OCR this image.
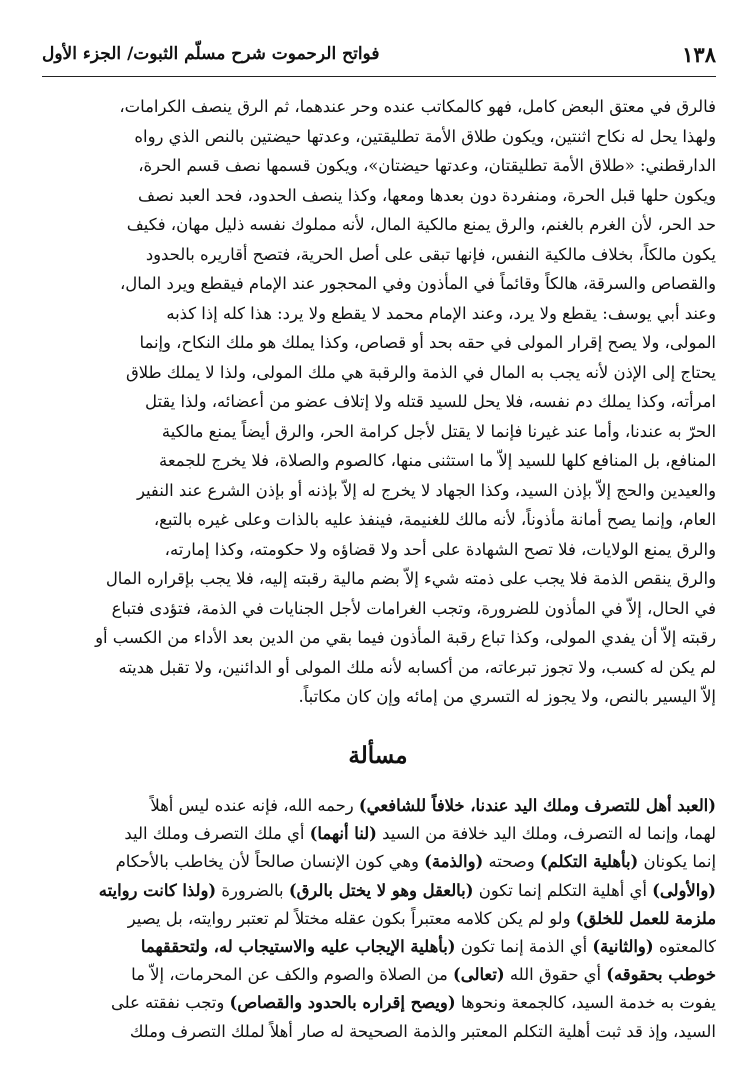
١٣٨
فواتح الرحموت شرح مسلّم الثبوت/ الجزء الأول
فالرق في معتق البعض كامل، فهو كالمكاتب عنده وحر عندهما، ثم الرق ينصف الكرامات،
ولهذا يحل له نكاح اثنتين، ويكون طلاق الأمة تطليقتين، وعدتها حيضتين بالنص الذي رواه
الدارقطني: «طلاق الأمة تطليقتان، وعدتها حيضتان»، ويكون قسمها نصف قسم الحرة،
ويكون حلها قبل الحرة، ومنفردة دون بعدها ومعها، وكذا ينصف الحدود، فحد العبد نصف
حد الحر، لأن الغرم بالغنم، والرق يمنع مالكية المال، لأنه مملوك نفسه ذليل مهان، فكيف
يكون مالكاً، بخلاف مالكية النفس، فإنها تبقى على أصل الحرية، فتصح أقاريره بالحدود
والقصاص والسرقة، هالكاً وقائماً في المأذون وفي المحجور عند الإمام فيقطع ويرد المال،
وعند أبي يوسف: يقطع ولا يرد، وعند الإمام محمد لا يقطع ولا يرد: هذا كله إذا كذبه
المولى، ولا يصح إقرار المولى في حقه بحد أو قصاص، وكذا يملك هو ملك النكاح، وإنما
يحتاج إلى الإذن لأنه يجب به المال في الذمة والرقبة هي ملك المولى، ولذا لا يملك طلاق
امرأته، وكذا يملك دم نفسه، فلا يحل للسيد قتله ولا إتلاف عضو من أعضائه، ولذا يقتل
الحرّ به عندنا، وأما عند غيرنا فإنما لا يقتل لأجل كرامة الحر، والرق أيضاً يمنع مالكية
المنافع، بل المنافع كلها للسيد إلاّ ما استثنى منها، كالصوم والصلاة، فلا يخرج للجمعة
والعيدين والحج إلاّ بإذن السيد، وكذا الجهاد لا يخرج له إلاّ بإذنه أو بإذن الشرع عند النفير
العام، وإنما يصح أمانة مأذوناً، لأنه مالك للغنيمة، فينفذ عليه بالذات وعلى غيره بالتبع،
والرق يمنع الولايات، فلا تصح الشهادة على أحد ولا قضاؤه ولا حكومته، وكذا إمارته،
والرق ينقص الذمة فلا يجب على ذمته شيء إلاّ بضم مالية رقبته إليه، فلا يجب بإقراره المال
في الحال، إلاّ في المأذون للضرورة، وتجب الغرامات لأجل الجنايات في الذمة، فتؤدى فتباع
رقبته إلاّ أن يفدي المولى، وكذا تباع رقبة المأذون فيما بقي من الدين بعد الأداء من الكسب أو
لم يكن له كسب، ولا تجوز تبرعاته، من أكسابه لأنه ملك المولى أو الدائنين، ولا تقبل هديته
إلاّ اليسير بالنص، ولا يجوز له التسري من إمائه وإن كان مكاتباً.
مسألة
(العبد أهل للتصرف وملك اليد عندنا، خلافاً للشافعي) رحمه الله، فإنه عنده ليس أهلاً
لهما، وإنما له التصرف، وملك اليد خلافة من السيد (لنا أنهما) أي ملك التصرف وملك اليد
إنما يكونان (بأهلية التكلم) وصحته (والذمة) وهي كون الإنسان صالحاً لأن يخاطب بالأحكام
(والأولى) أي أهلية التكلم إنما تكون (بالعقل وهو لا يختل بالرق) بالضرورة (ولذا كانت روايته
ملزمة للعمل للخلق) ولو لم يكن كلامه معتبراً بكون عقله مختلاً لم تعتبر روايته، بل يصير
كالمعتوه (والثانية) أي الذمة إنما تكون (بأهلية الإيجاب عليه والاستيجاب له، ولتحققهما
خوطب بحقوقه) أي حقوق الله (تعالى) من الصلاة والصوم والكف عن المحرمات، إلاّ ما
يفوت به خدمة السيد، كالجمعة ونحوها (ويصح إقراره بالحدود والقصاص) وتجب نفقته على
السيد، وإذ قد ثبت أهلية التكلم المعتبر والذمة الصحيحة له صار أهلاً لملك التصرف وملك
